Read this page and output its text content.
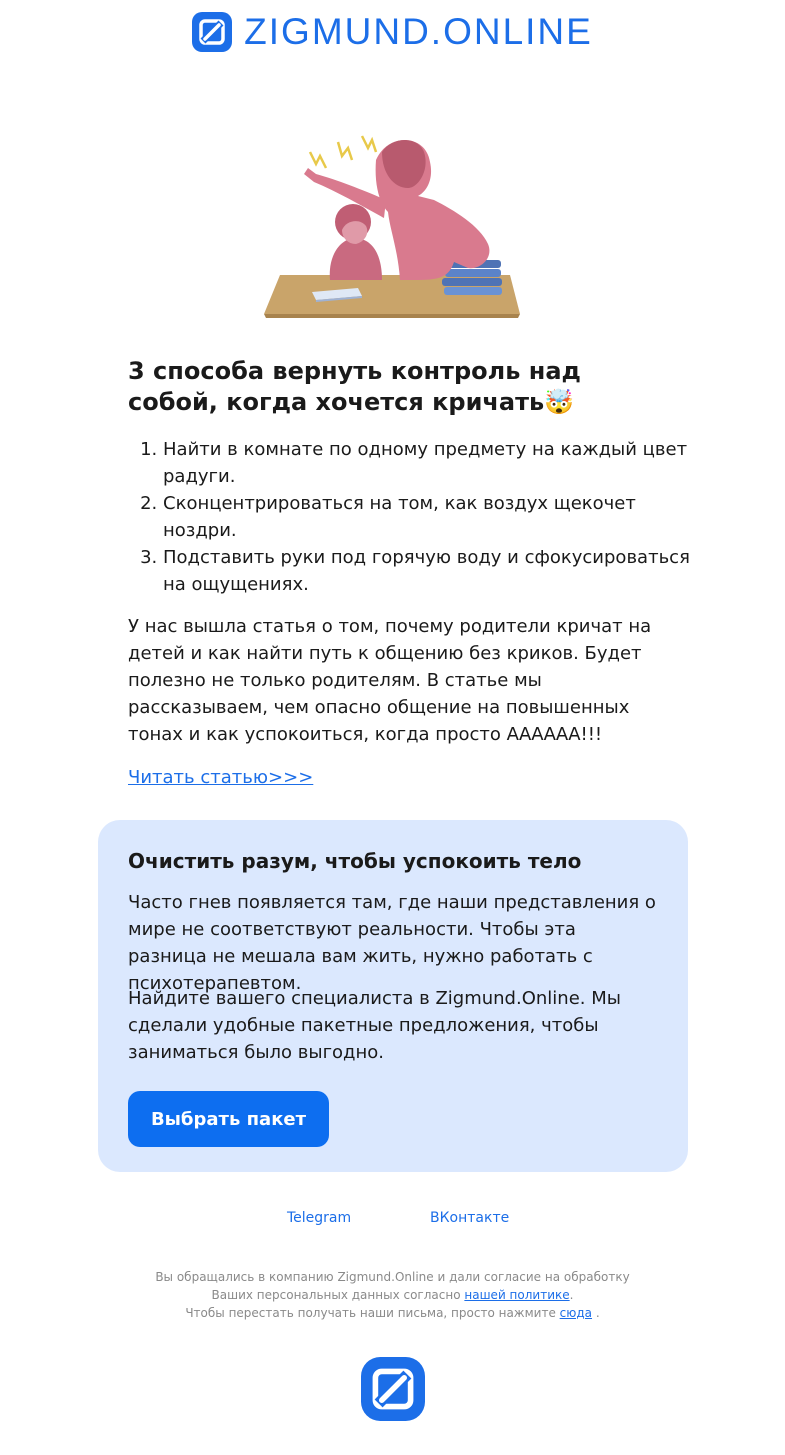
ZIGMUND.ONLINE
3 способа вернуть контроль над собой, когда хочется кричать🤯
1. Найти в комнате по одному предмету на каждый цвет радуги.
2. Сконцентрироваться на том, как воздух щекочет ноздри.
3. Подставить руки под горячую воду и сфокусироваться на ощущениях.

У нас вышла статья о том, почему родители кричат на детей и как найти путь к общению без криков. Будет полезно не только родителям. В статье мы рассказываем, чем опасно общение на повышенных тонах и как успокоиться, когда просто АААААА!!!

Читать статью>>>
Очистить разум, чтобы успокоить тело

Часто гнев появляется там, где наши представления о мире не соответствуют реальности. Чтобы эта разница не мешала вам жить, нужно работать с психотерапевтом.

Найдите вашего специалиста в Zigmund.Online. Мы сделали удобные пакетные предложения, чтобы заниматься было выгодно.

Выбрать пакет
Telegram	ВКонтакте
Вы обращались в компанию Zigmund.Online и дали согласие на обработку Ваших персональных данных согласно нашей политике.
Чтобы перестать получать наши письма, просто нажмите сюда .
